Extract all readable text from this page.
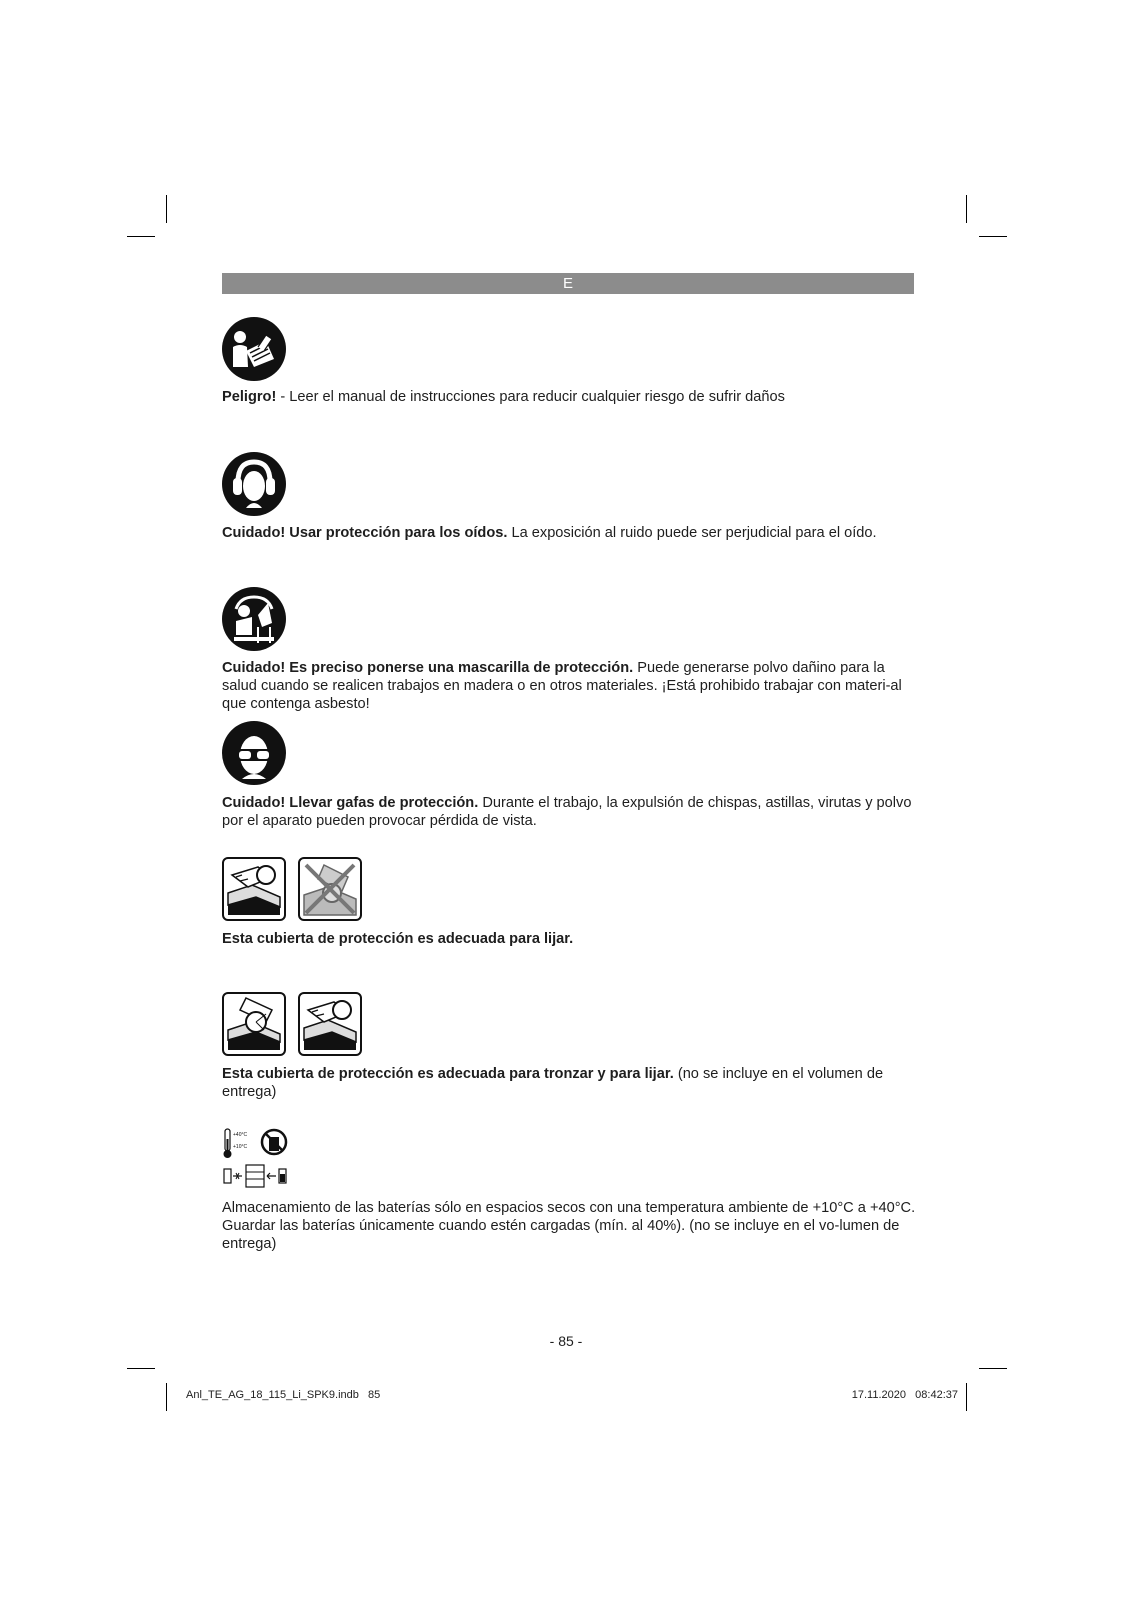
E
Peligro! - Leer el manual de instrucciones para reducir cualquier riesgo de sufrir daños
Cuidado! Usar protección para los oídos. La exposición al ruido puede ser perjudicial para el oído.
Cuidado! Es preciso ponerse una mascarilla de protección. Puede generarse polvo dañino para la salud cuando se realicen trabajos en madera o en otros materiales. ¡Está prohibido trabajar con materi-al que contenga asbesto!
Cuidado! Llevar gafas de protección. Durante el trabajo, la expulsión de chispas, astillas, virutas y polvo por el aparato pueden provocar pérdida de vista.
Esta cubierta de protección es adecuada para lijar.
Esta cubierta de protección es adecuada para tronzar y para lijar. (no se incluye en el volumen de entrega)
+40°C
+10°C
Almacenamiento de las baterías sólo en espacios secos con una temperatura ambiente de +10°C a +40°C. Guardar las baterías únicamente cuando estén cargadas (mín. al 40%). (no se incluye en el vo-lumen de entrega)
- 85 -
Anl_TE_AG_18_115_Li_SPK9.indb   85	17.11.2020   08:42:37
